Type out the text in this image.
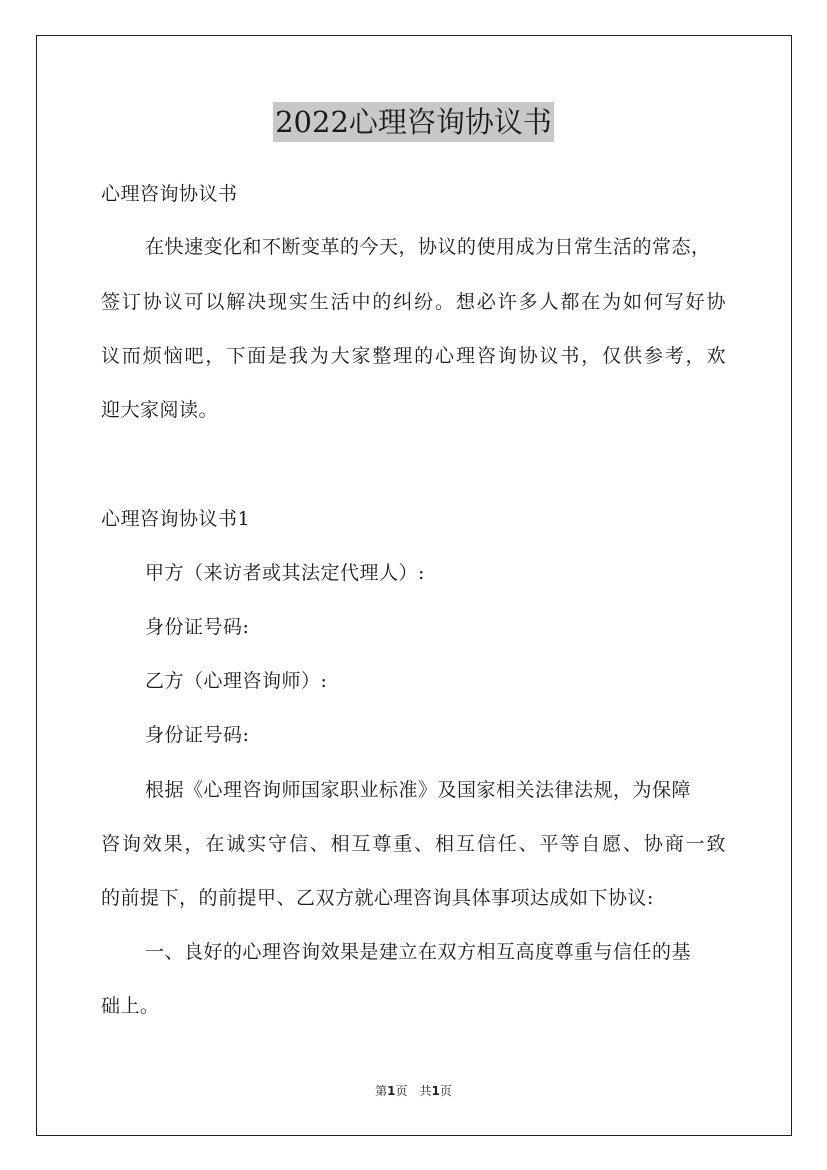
2022心理咨询协议书
心理咨询协议书
在快速变化和不断变革的今天，协议的使用成为日常生活的常态，
签订协议可以解决现实生活中的纠纷。想必许多人都在为如何写好协
议而烦恼吧，下面是我为大家整理的心理咨询协议书，仅供参考，欢
迎大家阅读。
心理咨询协议书1
甲方（来访者或其法定代理人）:
身份证号码:
乙方（心理咨询师）:
身份证号码:
根据《心理咨询师国家职业标准》及国家相关法律法规，为保障
咨询效果，在诚实守信、相互尊重、相互信任、平等自愿、协商一致
的前提下，的前提甲、乙双方就心理咨询具体事项达成如下协议:
一、良好的心理咨询效果是建立在双方相互高度尊重与信任的基
础上。
第1页　共1页
